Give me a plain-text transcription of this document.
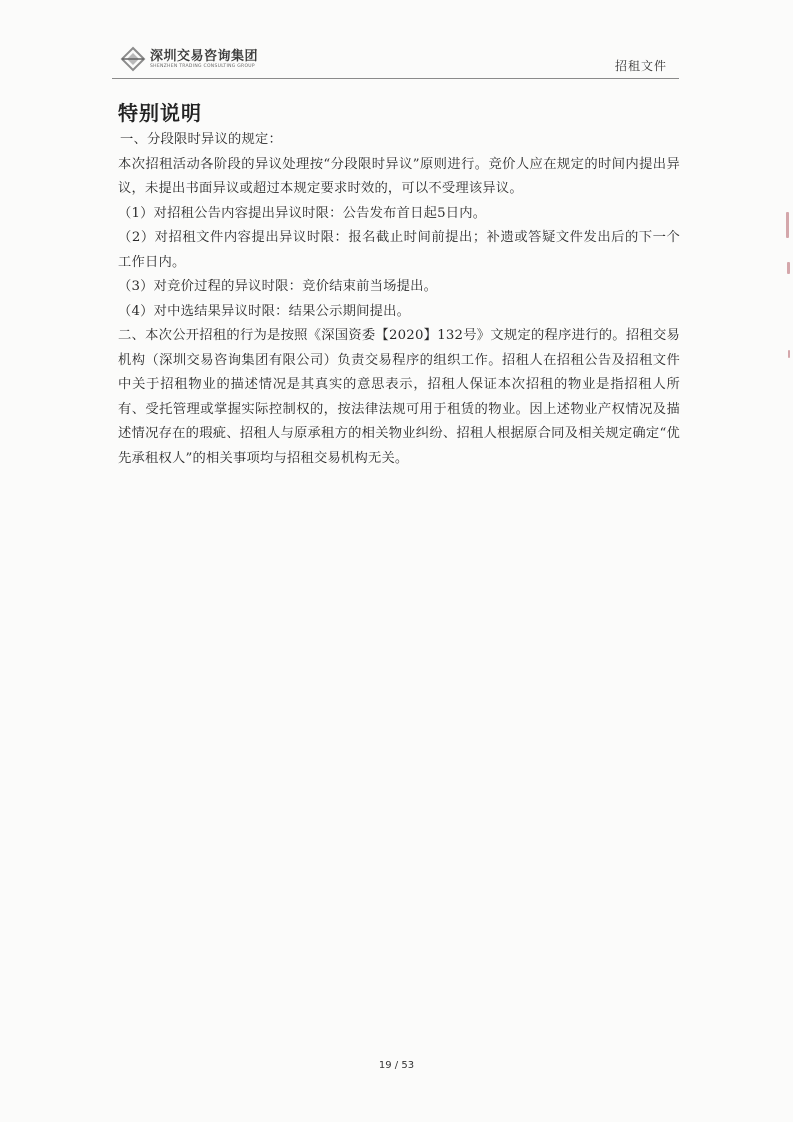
深圳交易咨询集团
SHENZHEN TRADING CONSULTING GROUP	招租文件
特别说明

一、分段限时异议的规定：

本次招租活动各阶段的异议处理按“分段限时异议”原则进行。竞价人应在规定的时间内提出异议，未提出书面异议或超过本规定要求时效的，可以不受理该异议。

（1）对招租公告内容提出异议时限：公告发布首日起5日内。

（2）对招租文件内容提出异议时限：报名截止时间前提出；补遗或答疑文件发出后的下一个工作日内。

（3）对竞价过程的异议时限：竞价结束前当场提出。

（4）对中选结果异议时限：结果公示期间提出。

二、本次公开招租的行为是按照《深国资委【2020】132号》文规定的程序进行的。招租交易机构（深圳交易咨询集团有限公司）负责交易程序的组织工作。招租人在招租公告及招租文件中关于招租物业的描述情况是其真实的意思表示，招租人保证本次招租的物业是指招租人所有、受托管理或掌握实际控制权的，按法律法规可用于租赁的物业。因上述物业产权情况及描述情况存在的瑕疵、招租人与原承租方的相关物业纠纷、招租人根据原合同及相关规定确定“优先承租权人”的相关事项均与招租交易机构无关。

19 / 53
